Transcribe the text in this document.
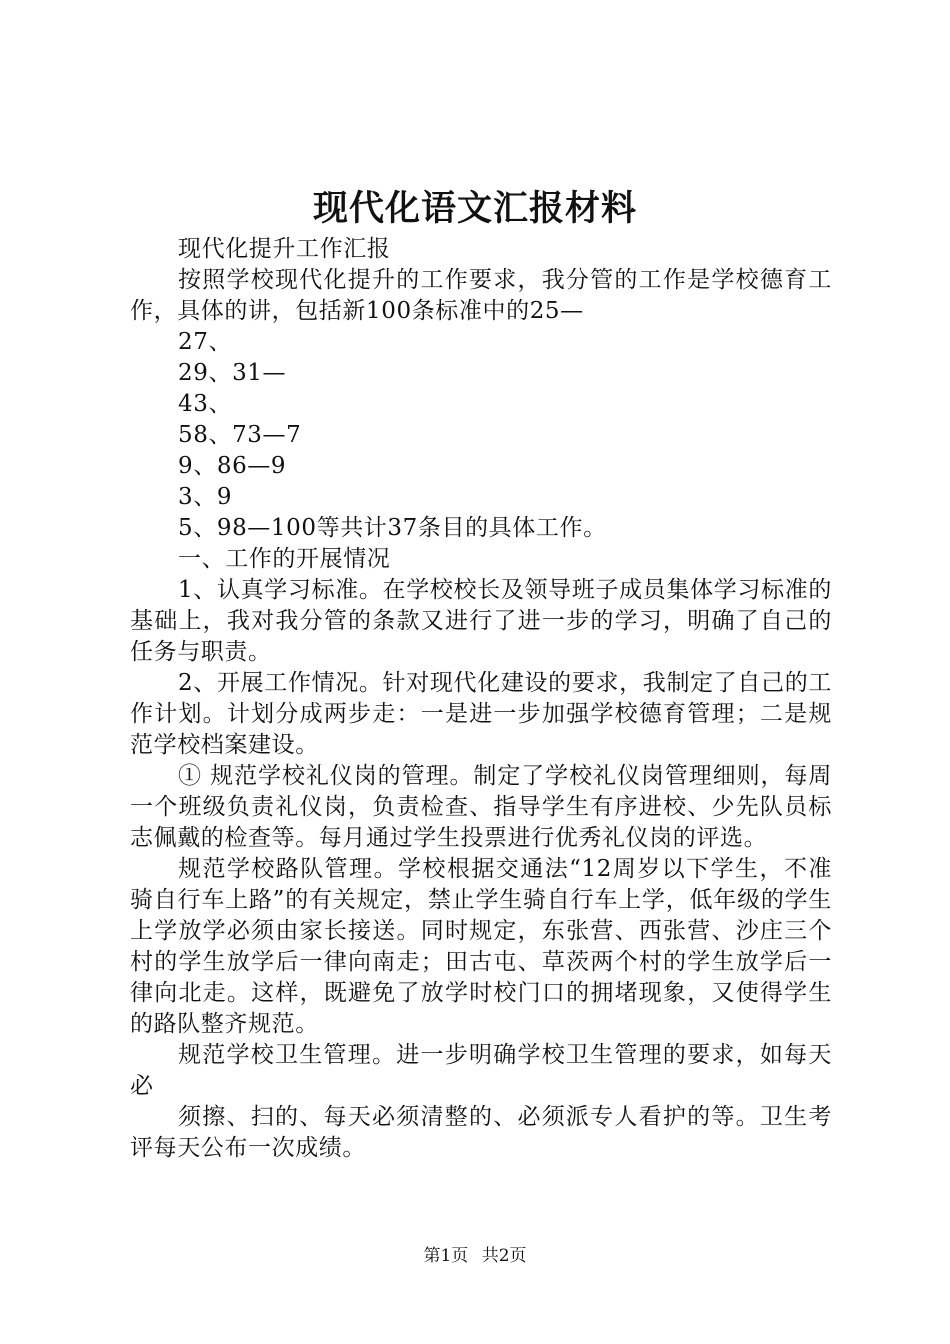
现代化语文汇报材料

现代化提升工作汇报

按照学校现代化提升的工作要求，我分管的工作是学校德育工作，具体的讲，包括新100条标准中的25—

27、

29、31—

43、

58、73—7

9、86—9

3、9

5、98—100等共计37条目的具体工作。

一、工作的开展情况

1、认真学习标准。在学校校长及领导班子成员集体学习标准的基础上，我对我分管的条款又进行了进一步的学习，明确了自己的任务与职责。

2、开展工作情况。针对现代化建设的要求，我制定了自己的工作计划。计划分成两步走：一是进一步加强学校德育管理；二是规范学校档案建设。

① 规范学校礼仪岗的管理。制定了学校礼仪岗管理细则，每周一个班级负责礼仪岗，负责检查、指导学生有序进校、少先队员标志佩戴的检查等。每月通过学生投票进行优秀礼仪岗的评选。

规范学校路队管理。学校根据交通法“12周岁以下学生，不准骑自行车上路”的有关规定，禁止学生骑自行车上学，低年级的学生上学放学必须由家长接送。同时规定，东张营、西张营、沙庄三个村的学生放学后一律向南走；田古屯、草茨两个村的学生放学后一律向北走。这样，既避免了放学时校门口的拥堵现象，又使得学生的路队整齐规范。

规范学校卫生管理。进一步明确学校卫生管理的要求，如每天必

须擦、扫的、每天必须清整的、必须派专人看护的等。卫生考评每天公布一次成绩。

第1页 共2页
